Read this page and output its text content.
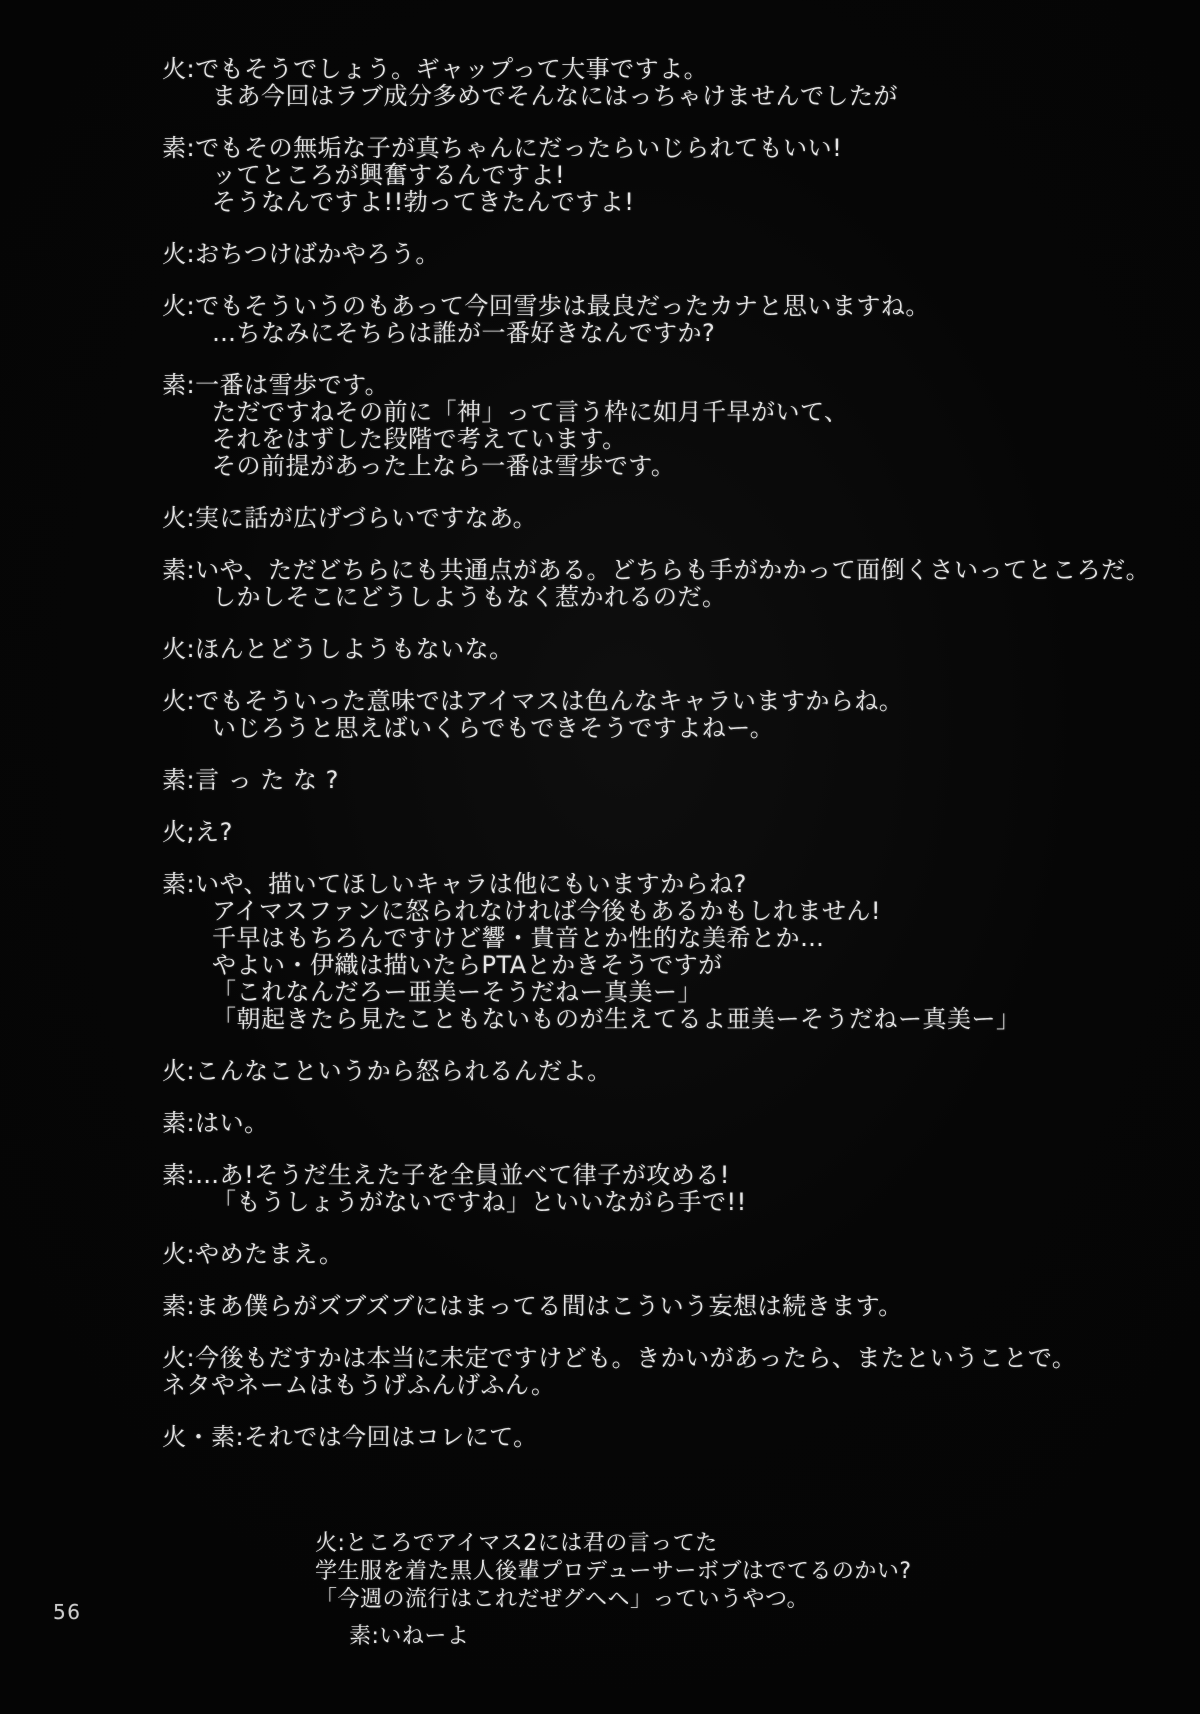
火:でもそうでしょう。ギャップって大事ですよ。
まあ今回はラブ成分多めでそんなにはっちゃけませんでしたが
素:でもその無垢な子が真ちゃんにだったらいじられてもいい!
ッてところが興奮するんですよ!
そうなんですよ!!勃ってきたんですよ!
火:おちつけばかやろう。
火:でもそういうのもあって今回雪歩は最良だったカナと思いますね。
…ちなみにそちらは誰が一番好きなんですか?
素:一番は雪歩です。
ただですねその前に「神」って言う枠に如月千早がいて、
それをはずした段階で考えています。
その前提があった上なら一番は雪歩です。
火:実に話が広げづらいですなあ。
素:いや、ただどちらにも共通点がある。どちらも手がかかって面倒くさいってところだ。
しかしそこにどうしようもなく惹かれるのだ。
火:ほんとどうしようもないな。
火:でもそういった意味ではアイマスは色んなキャラいますからね。
いじろうと思えばいくらでもできそうですよねー。
素:言 っ た な ?
火;え?
素:いや、描いてほしいキャラは他にもいますからね?
アイマスファンに怒られなければ今後もあるかもしれません!
千早はもちろんですけど響・貴音とか性的な美希とか…
やよい・伊織は描いたらPTAとかきそうですが
「これなんだろー亜美ーそうだねー真美ー」
「朝起きたら見たこともないものが生えてるよ亜美ーそうだねー真美ー」
火:こんなこというから怒られるんだよ。
素:はい。
素:…あ!そうだ生えた子を全員並べて律子が攻める!
「もうしょうがないですね」といいながら手で!!
火:やめたまえ。
素:まあ僕らがズブズブにはまってる間はこういう妄想は続きます。
火:今後もだすかは本当に未定ですけども。きかいがあったら、またということで。
ネタやネームはもうげふんげふん。
火・素:それでは今回はコレにて。
火:ところでアイマス2には君の言ってた
学生服を着た黒人後輩プロデューサーボブはでてるのかい?
「今週の流行はこれだぜグヘヘ」っていうやつ。
素:いねーよ
56
